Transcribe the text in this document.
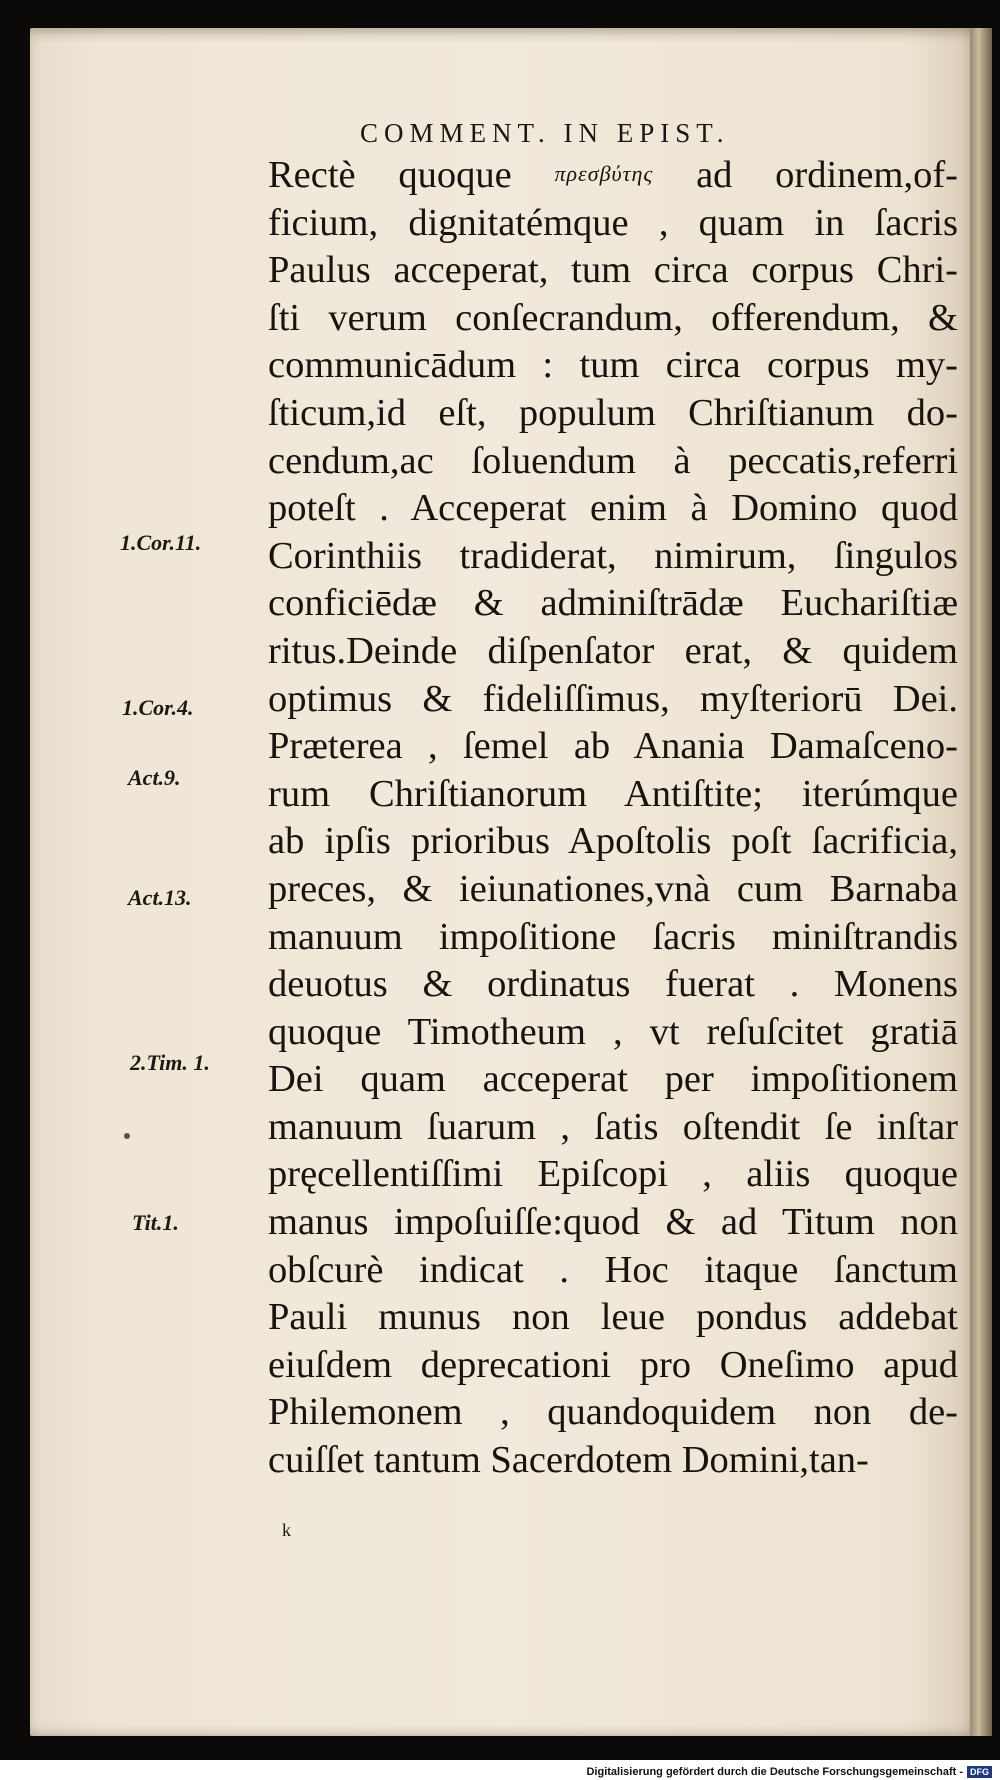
COMMENT. IN EPIST.
Rectè quoque πρεσβύτης ad ordinem,of-
ficium, dignitatémque , quam in ſacris
Paulus acceperat, tum circa corpus Chri-
ſti verum conſecrandum, offerendum, &
communicādum : tum circa corpus my-
ſticum,id eſt, populum Chriſtianum do-
cendum,ac ſoluendum à peccatis,referri
poteſt . Acceperat enim à Domino quod
Corinthiis tradiderat, nimirum, ſingulos
conficiēdæ & adminiſtrādæ Euchariſtiæ
ritus.Deinde diſpenſator erat, & quidem
optimus & fideliſſimus, myſteriorū Dei.
Præterea , ſemel ab Anania Damaſceno-
rum Chriſtianorum Antiſtite; iterúmque
ab ipſis prioribus Apoſtolis poſt ſacrificia,
preces, & ieiunationes,vnà cum Barnaba
manuum impoſitione ſacris miniſtrandis
deuotus & ordinatus fuerat . Monens
quoque Timotheum , vt reſuſcitet gratiā
Dei quam acceperat per impoſitionem
manuum ſuarum , ſatis oſtendit ſe inſtar
pręcellentiſſimi Epiſcopi , aliis quoque
manus impoſuiſſe:quod & ad Titum non
obſcurè indicat . Hoc itaque ſanctum
Pauli munus non leue pondus addebat
eiuſdem deprecationi pro Oneſimo apud
Philemonem , quandoquidem non de-
cuiſſet tantum Sacerdotem Domini,tan-
1.Cor.11.
1.Cor.4.
Act.9.
Act.13.
2.Tim. 1.
Tit.1.
k
Digitalisierung gefördert durch die Deutsche Forschungsgemeinschaft - DFG
